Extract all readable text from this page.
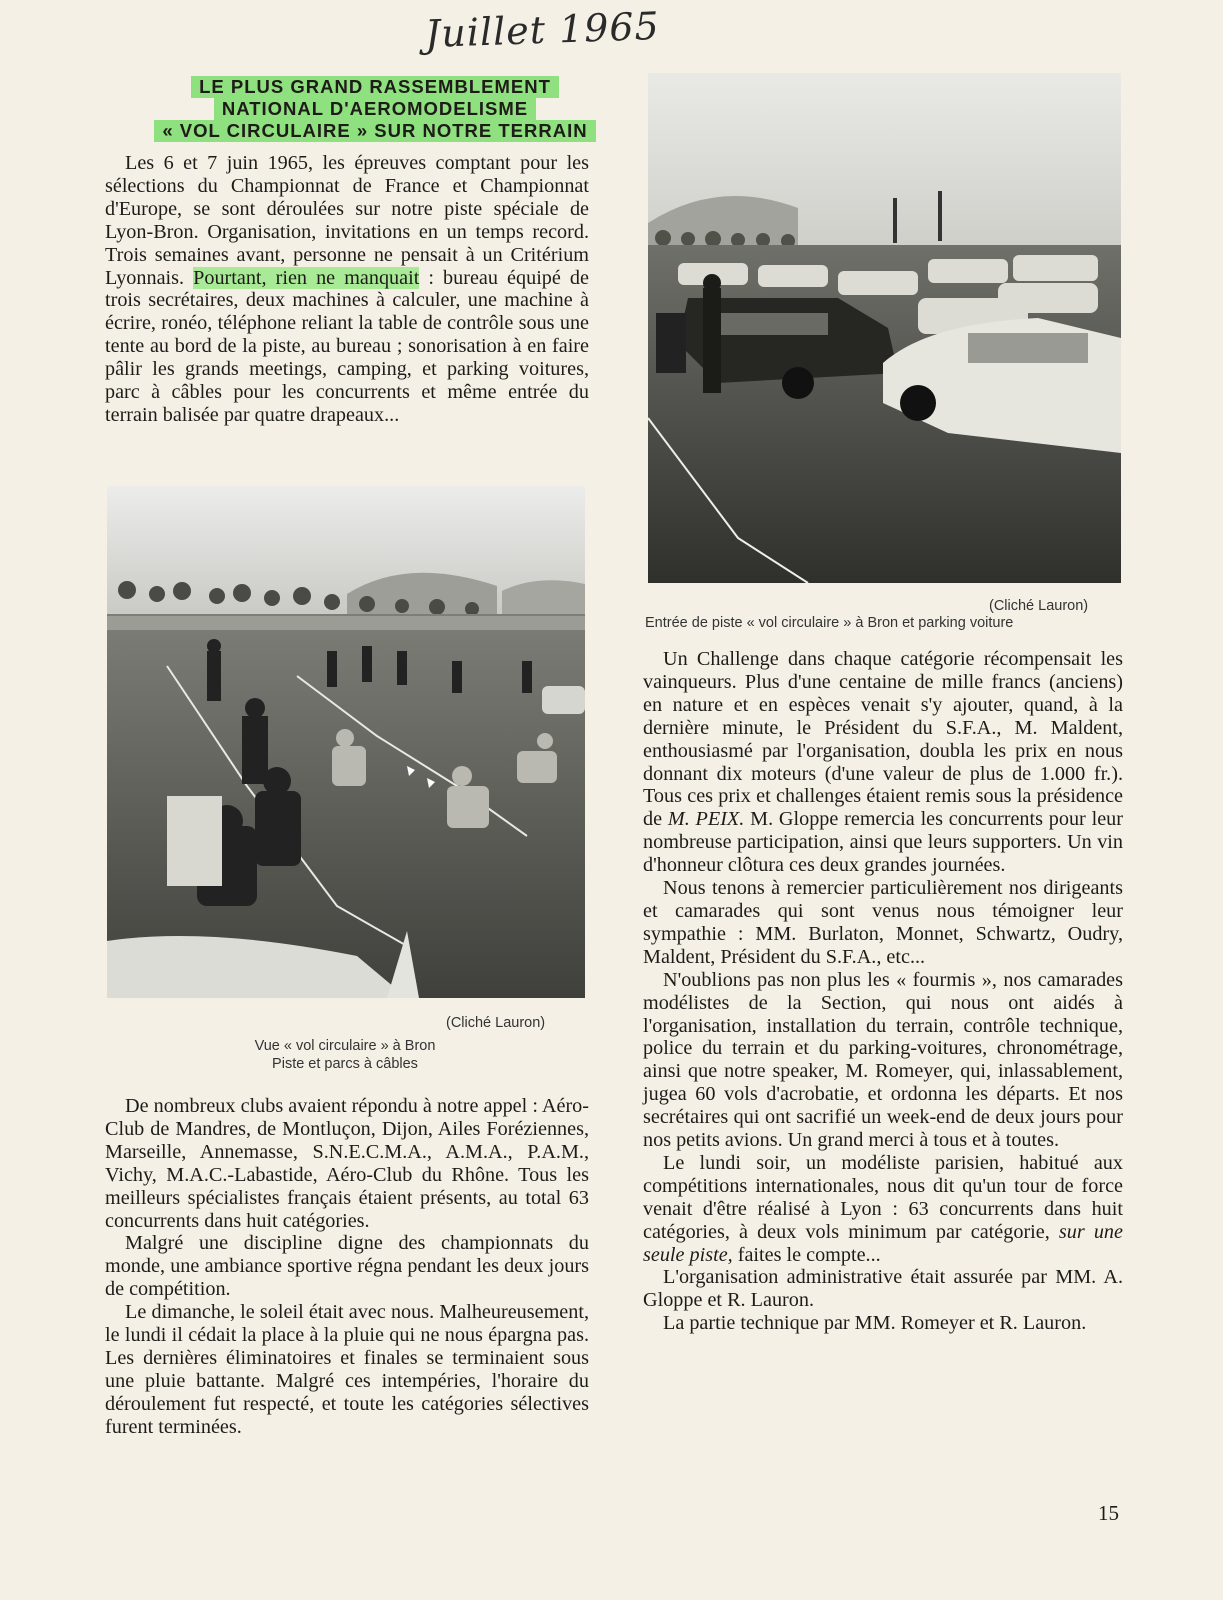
Juillet 1965
LE PLUS GRAND RASSEMBLEMENT
NATIONAL D'AEROMODELISME
« VOL CIRCULAIRE » SUR NOTRE TERRAIN

Les 6 et 7 juin 1965, les épreuves comptant pour les sélections du Championnat de France et Championnat d'Europe, se sont déroulées sur notre piste spéciale de Lyon-Bron. Organisation, invitations en un temps record. Trois semaines avant, personne ne pensait à un Critérium Lyonnais. Pourtant, rien ne manquait : bureau équipé de trois secrétaires, deux machines à calculer, une machine à écrire, ronéo, téléphone reliant la table de contrôle sous une tente au bord de la piste, au bureau ; sonorisation à en faire pâlir les grands meetings, camping, et parking voitures, parc à câbles pour les concurrents et même entrée du terrain balisée par quatre drapeaux...

(Cliché Lauron)
Vue « vol circulaire » à Bron
Piste et parcs à câbles
(Cliché Lauron)
Entrée de piste « vol circulaire » à Bron et parking voiture

De nombreux clubs avaient répondu à notre appel : Aéro-Club de Mandres, de Montluçon, Dijon, Ailes Foréziennes, Marseille, Annemasse, S.N.E.C.M.A., A.M.A., P.A.M., Vichy, M.A.C.-Labastide, Aéro-Club du Rhône. Tous les meilleurs spécialistes français étaient présents, au total 63 concurrents dans huit catégories.

Malgré une discipline digne des championnats du monde, une ambiance sportive régna pendant les deux jours de compétition.

Le dimanche, le soleil était avec nous. Malheureusement, le lundi il cédait la place à la pluie qui ne nous épargna pas. Les dernières éliminatoires et finales se terminaient sous une pluie battante. Malgré ces intempéries, l'horaire du déroulement fut respecté, et toute les catégories sélectives furent terminées.

Un Challenge dans chaque catégorie récompensait les vainqueurs. Plus d'une centaine de mille francs (anciens) en nature et en espèces venait s'y ajouter, quand, à la dernière minute, le Président du S.F.A., M. Maldent, enthousiasmé par l'organisation, doubla les prix en nous donnant dix moteurs (d'une valeur de plus de 1.000 fr.). Tous ces prix et challenges étaient remis sous la présidence de M. PEIX. M. Gloppe remercia les concurrents pour leur nombreuse participation, ainsi que leurs supporters. Un vin d'honneur clôtura ces deux grandes journées.

Nous tenons à remercier particulièrement nos dirigeants et camarades qui sont venus nous témoigner leur sympathie : MM. Burlaton, Monnet, Schwartz, Oudry, Maldent, Président du S.F.A., etc...

N'oublions pas non plus les « fourmis », nos camarades modélistes de la Section, qui nous ont aidés à l'organisation, installation du terrain, contrôle technique, police du terrain et du parking-voitures, chronométrage, ainsi que notre speaker, M. Romeyer, qui, inlassablement, jugea 60 vols d'acrobatie, et ordonna les départs. Et nos secrétaires qui ont sacrifié un week-end de deux jours pour nos petits avions. Un grand merci à tous et à toutes.

Le lundi soir, un modéliste parisien, habitué aux compétitions internationales, nous dit qu'un tour de force venait d'être réalisé à Lyon : 63 concurrents dans huit catégories, à deux vols minimum par catégorie, sur une seule piste, faites le compte...

L'organisation administrative était assurée par MM. A. Gloppe et R. Lauron.

La partie technique par MM. Romeyer et R. Lauron.

15
